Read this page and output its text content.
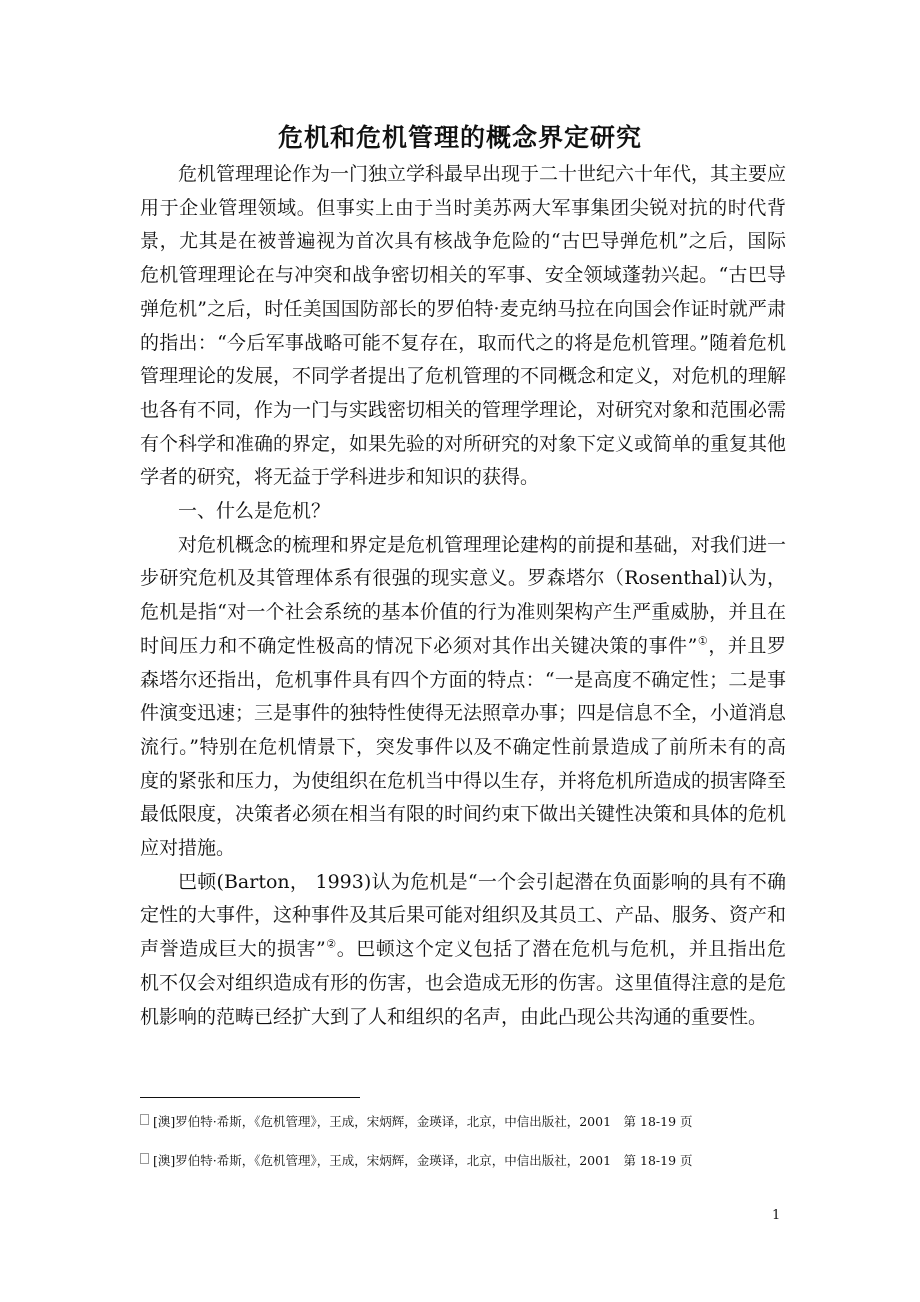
危机和危机管理的概念界定研究

危机管理理论作为一门独立学科最早出现于二十世纪六十年代，其主要应用于企业管理领域。但事实上由于当时美苏两大军事集团尖锐对抗的时代背景，尤其是在被普遍视为首次具有核战争危险的“古巴导弹危机”之后，国际危机管理理论在与冲突和战争密切相关的军事、安全领域蓬勃兴起。“古巴导弹危机”之后，时任美国国防部长的罗伯特·麦克纳马拉在向国会作证时就严肃的指出：“今后军事战略可能不复存在，取而代之的将是危机管理。”随着危机管理理论的发展，不同学者提出了危机管理的不同概念和定义，对危机的理解也各有不同，作为一门与实践密切相关的管理学理论，对研究对象和范围必需有个科学和准确的界定，如果先验的对所研究的对象下定义或简单的重复其他学者的研究，将无益于学科进步和知识的获得。

一、什么是危机？

对危机概念的梳理和界定是危机管理理论建构的前提和基础，对我们进一步研究危机及其管理体系有很强的现实意义。罗森塔尔（Rosenthal)认为，危机是指“对一个社会系统的基本价值的行为准则架构产生严重威胁，并且在时间压力和不确定性极高的情况下必须对其作出关键决策的事件”①，并且罗森塔尔还指出，危机事件具有四个方面的特点：“一是高度不确定性；二是事件演变迅速；三是事件的独特性使得无法照章办事；四是信息不全，小道消息流行。”特别在危机情景下，突发事件以及不确定性前景造成了前所未有的高度的紧张和压力，为使组织在危机当中得以生存，并将危机所造成的损害降至最低限度，决策者必须在相当有限的时间约束下做出关键性决策和具体的危机应对措施。

巴顿(Barton， 1993)认为危机是“一个会引起潜在负面影响的具有不确定性的大事件，这种事件及其后果可能对组织及其员工、产品、服务、资产和声誉造成巨大的损害”②。巴顿这个定义包括了潜在危机与危机，并且指出危机不仅会对组织造成有形的伤害，也会造成无形的伤害。这里值得注意的是危机影响的范畴已经扩大到了人和组织的名声，由此凸现公共沟通的重要性。

[澳]罗伯特·希斯，《危机管理》，王成，宋炳辉，金瑛译，北京，中信出版社，2001　第 18-19 页
[澳]罗伯特·希斯，《危机管理》，王成，宋炳辉，金瑛译，北京，中信出版社，2001　第 18-19 页
1
